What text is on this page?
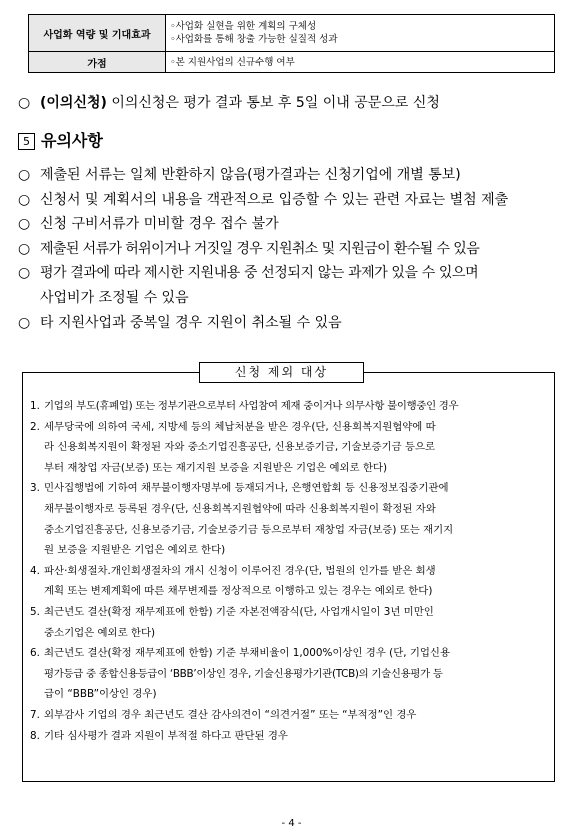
사업화 역량 및 기대효과	◦사업화 실현을 위한 계획의 구체성
◦사업화를 통해 창출 가능한 실질적 성과

가점	◦본 지원사업의 신규수행 여부
○ (이의신청) 이의신청은 평가 결과 통보 후 5일 이내 공문으로 신청
5 유의사항
○ 제출된 서류는 일체 반환하지 않음(평가결과는 신청기업에 개별 통보)
○ 신청서 및 계획서의 내용을 객관적으로 입증할 수 있는 관련 자료는 별첨 제출
○ 신청 구비서류가 미비할 경우 접수 불가
○ 제출된 서류가 허위이거나 거짓일 경우 지원취소 및 지원금이 환수될 수 있음
○ 평가 결과에 따라 제시한 지원내용 중 선정되지 않는 과제가 있을 수 있으며
사업비가 조정될 수 있음
○ 타 지원사업과 중복일 경우 지원이 취소될 수 있음
신청 제외 대상
1. 기업의 부도(휴폐업) 또는 정부기관으로부터 사업참여 제재 중이거나 의무사항 불이행중인 경우
2. 세무당국에 의하여 국세, 지방세 등의 체납처분을 받은 경우(단, 신용회복지원협약에 따
라 신용회복지원이 확정된 자와 중소기업진흥공단, 신용보증기금, 기술보증기금 등으로
부터 재창업 자금(보증) 또는 재기지원 보증을 지원받은 기업은 예외로 한다)
3. 민사집행법에 기하여 채무불이행자명부에 등재되거나, 은행연합회 등 신용정보집중기관에
채무불이행자로 등록된 경우(단, 신용회복지원협약에 따라 신용회복지원이 확정된 자와
중소기업진흥공단, 신용보증기금, 기술보증기금 등으로부터 재창업 자금(보증) 또는 재기지
원 보증을 지원받은 기업은 예외로 한다)
4. 파산·회생절차.개인회생절차의 개시 신청이 이루어진 경우(단, 법원의 인가를 받은 회생
계획 또는 변제계획에 따른 채무변제를 정상적으로 이행하고 있는 경우는 예외로 한다)
5. 최근년도 결산(확정 재무제표에 한함) 기준 자본전액잠식(단, 사업개시일이 3년 미만인
중소기업은 예외로 한다)
6. 최근년도 결산(확정 재무제표에 한함) 기준 부채비율이 1,000%이상인 경우 (단, 기업신용
평가등급 중 종합신용등급이 ‘BBB’이상인 경우, 기술신용평가기관(TCB)의 기술신용평가 등
급이 “BBB”이상인 경우)
7. 외부감사 기업의 경우 최근년도 결산 감사의견이 “의견거절” 또는 “부적정”인 경우
8. 기타 심사평가 결과 지원이 부적절 하다고 판단된 경우
- 4 -
